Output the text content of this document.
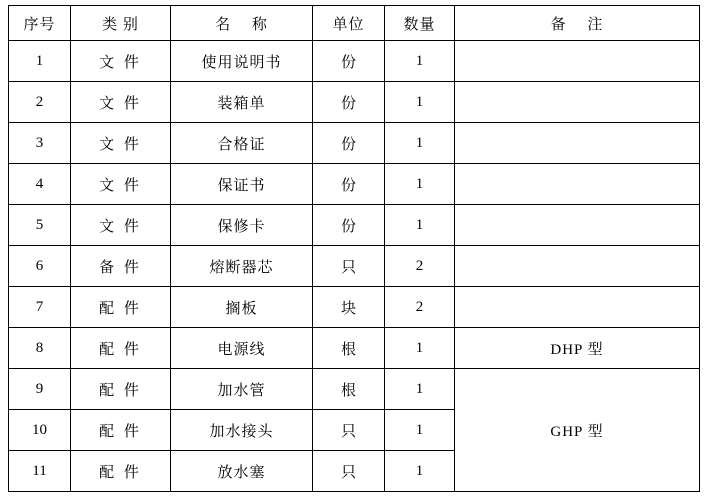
序号	类 别	名　 称	单位	数量	备　 注
1	文 件	使用说明书	份	1	
2	文 件	装箱单	份	1	
3	文 件	合格证	份	1	
4	文 件	保证书	份	1	
5	文 件	保修卡	份	1	
6	备 件	熔断器芯	只	2	
7	配 件	搁板	块	2	
8	配 件	电源线	根	1	DHP 型
9	配 件	加水管	根	1	GHP 型
10	配 件	加水接头	只	1	
11	配 件	放水塞	只	1	
